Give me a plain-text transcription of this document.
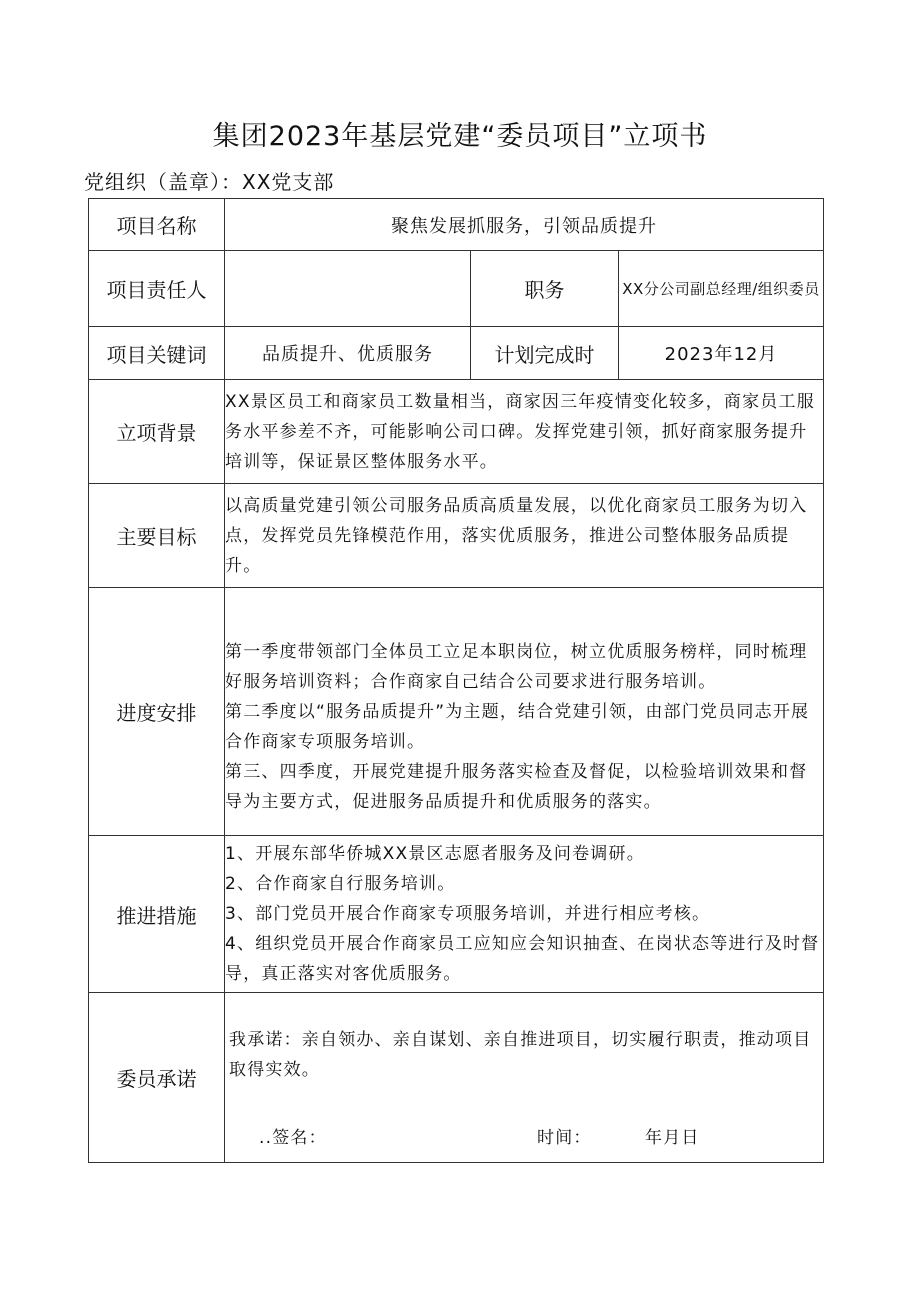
集团2023年基层党建“委员项目”立项书
党组织（盖章）：XX党支部
项目名称	聚焦发展抓服务，引领品质提升		
项目责任人		职务	XX分公司副总经理/组织委员
项目关键词	品质提升、优质服务	计划完成时	2023年12月
立项背景	XX景区员工和商家员工数量相当，商家因三年疫情变化较多，商家员工服务水平参差不齐，可能影响公司口碑。发挥党建引领，抓好商家服务提升培训等，保证景区整体服务水平。		
主要目标	以高质量党建引领公司服务品质高质量发展，以优化商家员工服务为切入点，发挥党员先锋模范作用，落实优质服务，推进公司整体服务品质提升。		
进度安排	第一季度带领部门全体员工立足本职岗位，树立优质服务榜样，同时梳理好服务培训资料；合作商家自己结合公司要求进行服务培训。

第二季度以“服务品质提升”为主题，结合党建引领，由部门党员同志开展合作商家专项服务培训。

第三、四季度，开展党建提升服务落实检查及督促，以检验培训效果和督导为主要方式，促进服务品质提升和优质服务的落实。		

推进措施	1、开展东部华侨城XX景区志愿者服务及问卷调研。

2、合作商家自行服务培训。

3、部门党员开展合作商家专项服务培训，并进行相应考核。

4、组织党员开展合作商家员工应知应会知识抽查、在岗状态等进行及时督导，真正落实对客优质服务。		

委员承诺	我承诺：亲自领办、亲自谋划、亲自推进项目，切实履行职责，推动项目取得实效。
..签名： 时间： 年月日		
